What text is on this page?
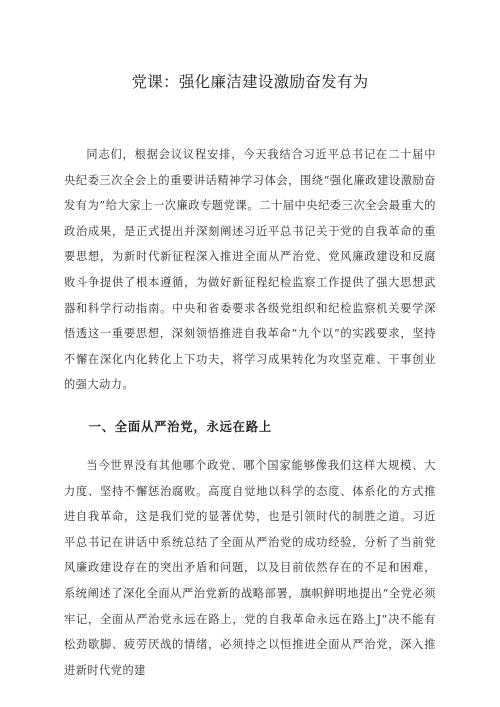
党课：强化廉洁建设激励奋发有为

同志们，根据会议议程安排，今天我结合习近平总书记在二十届中央纪委三次全会上的重要讲话精神学习体会，围绕“强化廉政建设激励奋发有为”给大家上一次廉政专题党课。二十届中央纪委三次全会最重大的政治成果，是正式提出并深刻阐述习近平总书记关于党的自我革命的重要思想，为新时代新征程深入推进全面从严治党、党风廉政建设和反腐败斗争提供了根本遵循，为做好新征程纪检监察工作提供了强大思想武器和科学行动指南。中央和省委要求各级党组织和纪检监察机关要学深悟透这一重要思想，深刻领悟推进自我革命“九个以”的实践要求，坚持不懈在深化内化转化上下功夫，将学习成果转化为攻坚克难、干事创业的强大动力。

一、全面从严治党，永远在路上

当今世界没有其他哪个政党、哪个国家能够像我们这样大规模、大力度、坚持不懈惩治腐败。高度自觉地以科学的态度、体系化的方式推进自我革命，这是我们党的显著优势，也是引领时代的制胜之道。习近平总书记在讲话中系统总结了全面从严治党的成功经验，分析了当前党风廉政建设存在的突出矛盾和问题，以及目前依然存在的不足和困难，系统阐述了深化全面从严治党新的战略部署，旗帜鲜明地提出“全党必须牢记，全面从严治党永远在路上，党的自我革命永远在路上J”决不能有松劲歇脚、疲劳厌战的情绪，必须持之以恒推进全面从严治党，深入推进新时代党的建
